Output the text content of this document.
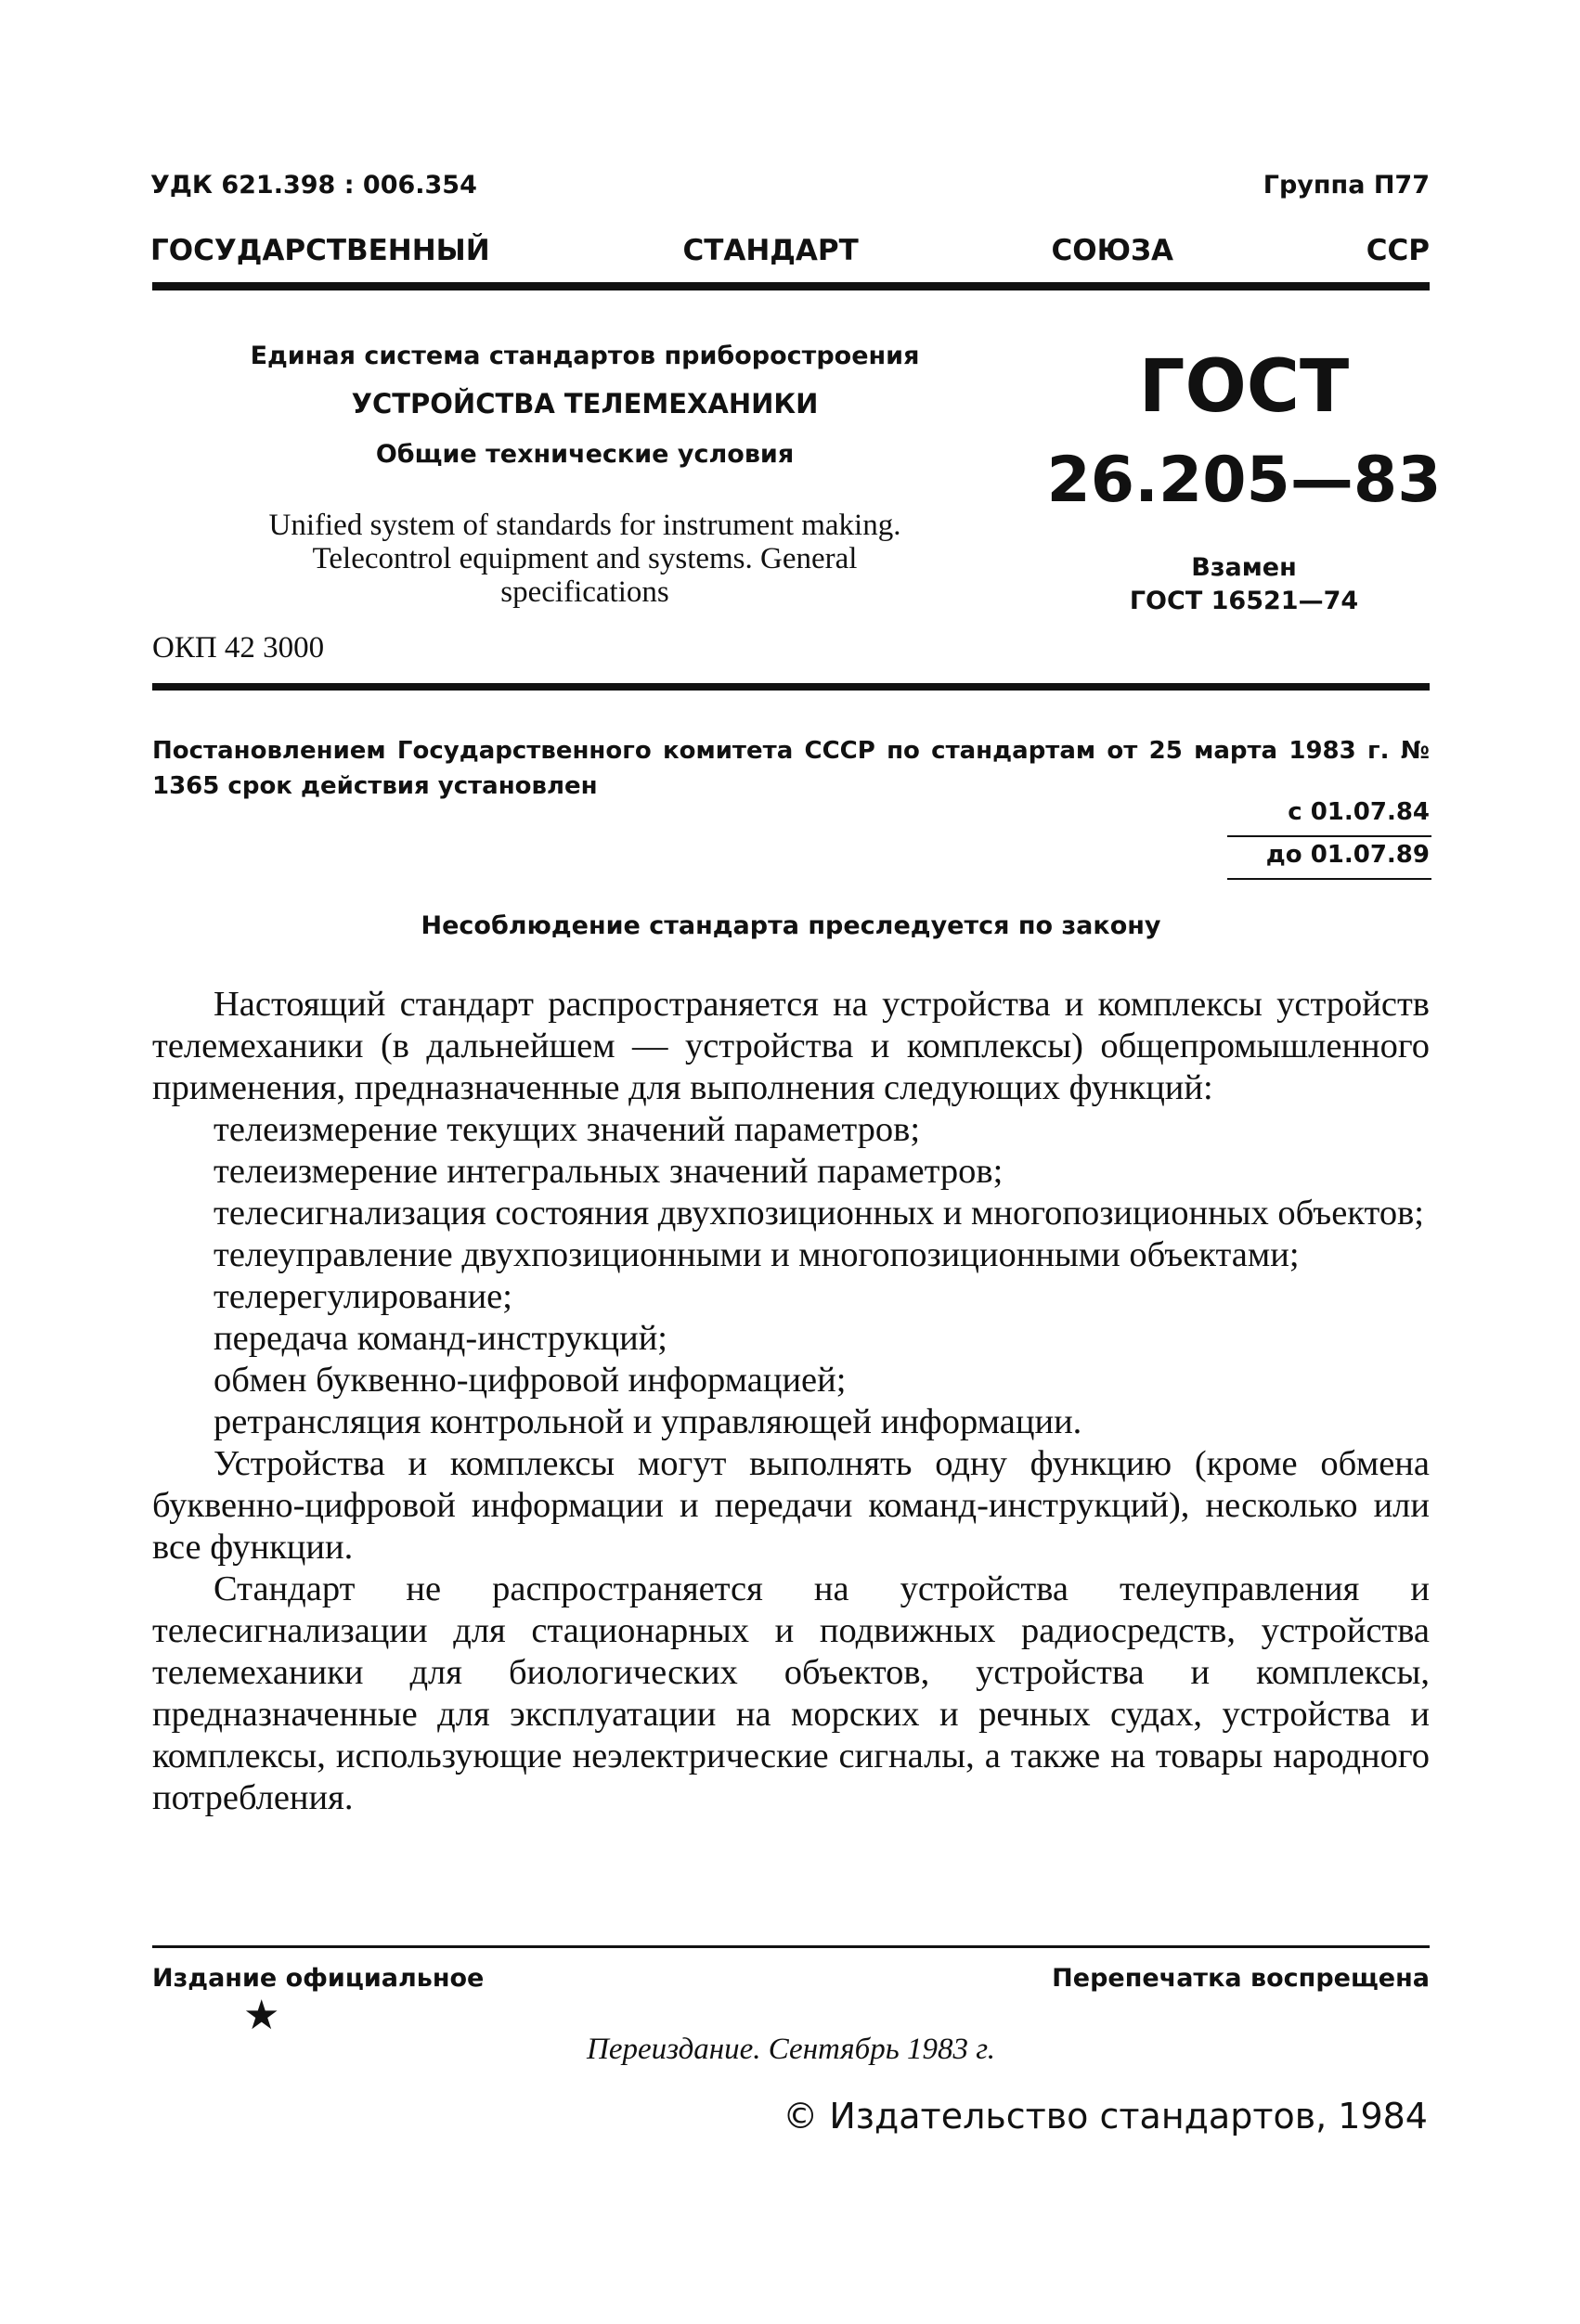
УДК 621.398 : 006.354	Группа П77
ГОСУДАРСТВЕННЫЙ	СТАНДАРТ	СОЮЗА	ССР
Единая система стандартов приборостроения
УСТРОЙСТВА ТЕЛЕМЕХАНИКИ
Общие технические условия
Unified system of standards for instrument making.
Telecontrol equipment and systems. General
specifications
ОКП 42 3000
ГОСТ
26.205—83
Взамен
ГОСТ 16521—74
Постановлением Государственного комитета СССР по стандартам от 25 марта 1983 г. № 1365 срок действия установлен
с 01.07.84
до 01.07.89
Несоблюдение стандарта преследуется по закону

Настоящий стандарт распространяется на устройства и комплексы устройств телемеханики (в дальнейшем — устройства и комплексы) общепромышленного применения, предназначенные для выполнения следующих функций:

телеизмерение текущих значений параметров;

телеизмерение интегральных значений параметров;

телесигнализация состояния двухпозиционных и многопозиционных объектов;

телеуправление двухпозиционными и многопозиционными объектами;

телерегулирование;

передача команд-инструкций;

обмен буквенно-цифровой информацией;

ретрансляция контрольной и управляющей информации.

Устройства и комплексы могут выполнять одну функцию (кроме обмена буквенно-цифровой информации и передачи команд-инструкций), несколько или все функции.

Стандарт не распространяется на устройства телеуправления и телесигнализации для стационарных и подвижных радиосредств, устройства телемеханики для биологических объектов, устройства и комплексы, предназначенные для эксплуатации на морских и речных судах, устройства и комплексы, использующие неэлектрические сигналы, а также на товары народного потребления.

Издание официальное
★
Перепечатка воспрещена
Переиздание. Сентябрь 1983 г.
© Издательство стандартов, 1984
